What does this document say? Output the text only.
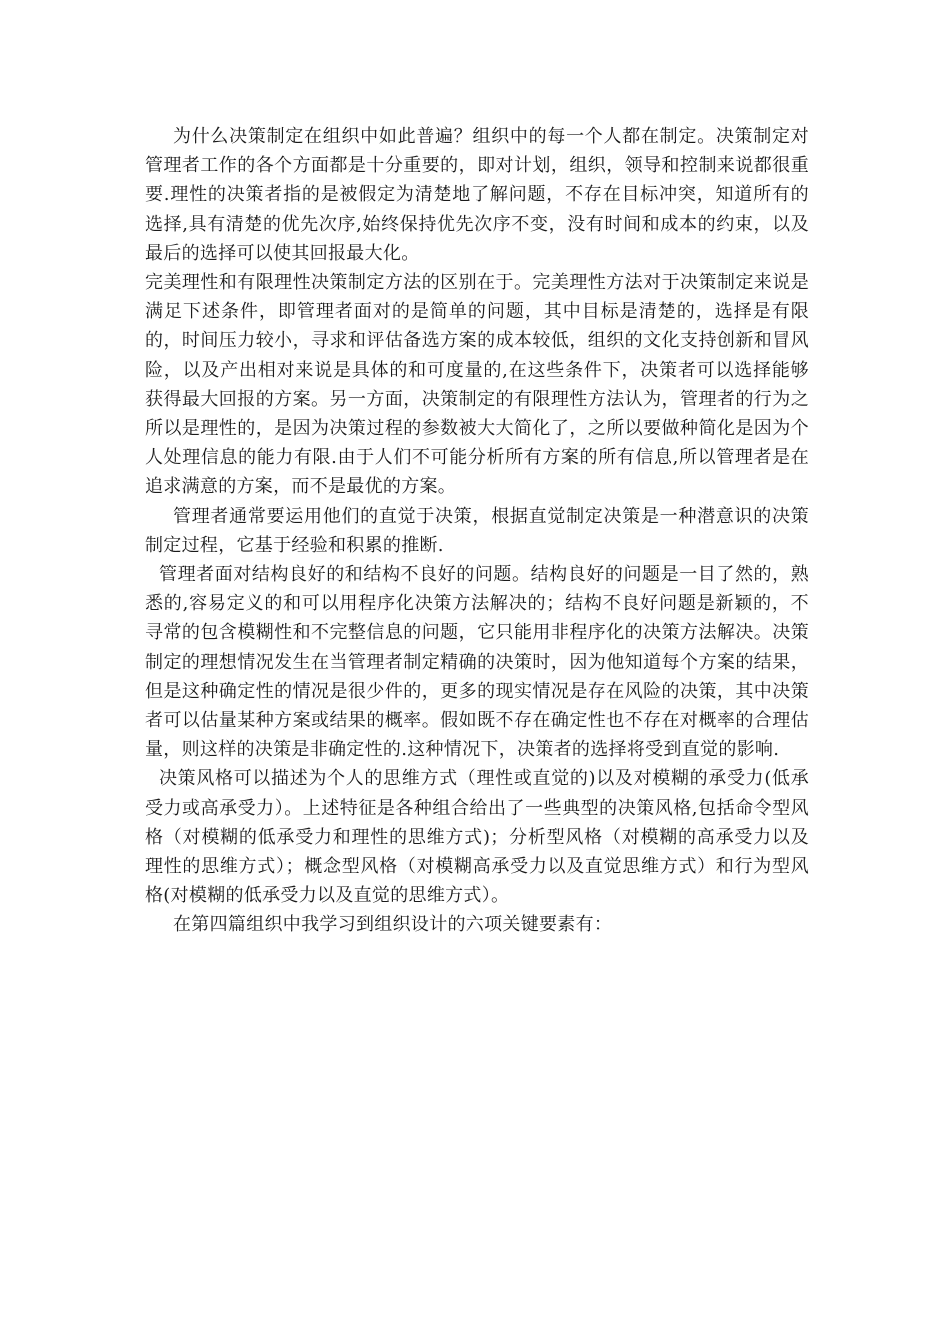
为什么决策制定在组织中如此普遍？组织中的每一个人都在制定。决策制定对管理者工作的各个方面都是十分重要的，即对计划，组织，领导和控制来说都很重要.理性的决策者指的是被假定为清楚地了解问题，不存在目标冲突，知道所有的选择,具有清楚的优先次序,始终保持优先次序不变，没有时间和成本的约束，以及最后的选择可以使其回报最大化。

完美理性和有限理性决策制定方法的区别在于。完美理性方法对于决策制定来说是满足下述条件，即管理者面对的是简单的问题，其中目标是清楚的，选择是有限的，时间压力较小，寻求和评估备选方案的成本较低，组织的文化支持创新和冒风险，以及产出相对来说是具体的和可度量的,在这些条件下，决策者可以选择能够获得最大回报的方案。另一方面，决策制定的有限理性方法认为，管理者的行为之所以是理性的，是因为决策过程的参数被大大简化了，之所以要做种简化是因为个人处理信息的能力有限.由于人们不可能分析所有方案的所有信息,所以管理者是在追求满意的方案，而不是最优的方案。

管理者通常要运用他们的直觉于决策，根据直觉制定决策是一种潜意识的决策制定过程，它基于经验和积累的推断.

管理者面对结构良好的和结构不良好的问题。结构良好的问题是一目了然的，熟悉的,容易定义的和可以用程序化决策方法解决的；结构不良好问题是新颖的，不寻常的包含模糊性和不完整信息的问题，它只能用非程序化的决策方法解决。决策制定的理想情况发生在当管理者制定精确的决策时，因为他知道每个方案的结果，但是这种确定性的情况是很少件的，更多的现实情况是存在风险的决策，其中决策者可以估量某种方案或结果的概率。假如既不存在确定性也不存在对概率的合理估量，则这样的决策是非确定性的.这种情况下，决策者的选择将受到直觉的影响.

决策风格可以描述为个人的思维方式（理性或直觉的)以及对模糊的承受力(低承受力或高承受力）。上述特征是各种组合给出了一些典型的决策风格,包括命令型风格（对模糊的低承受力和理性的思维方式)；分析型风格（对模糊的高承受力以及理性的思维方式）；概念型风格（对模糊高承受力以及直觉思维方式）和行为型风格(对模糊的低承受力以及直觉的思维方式）。

在第四篇组织中我学习到组织设计的六项关键要素有：
